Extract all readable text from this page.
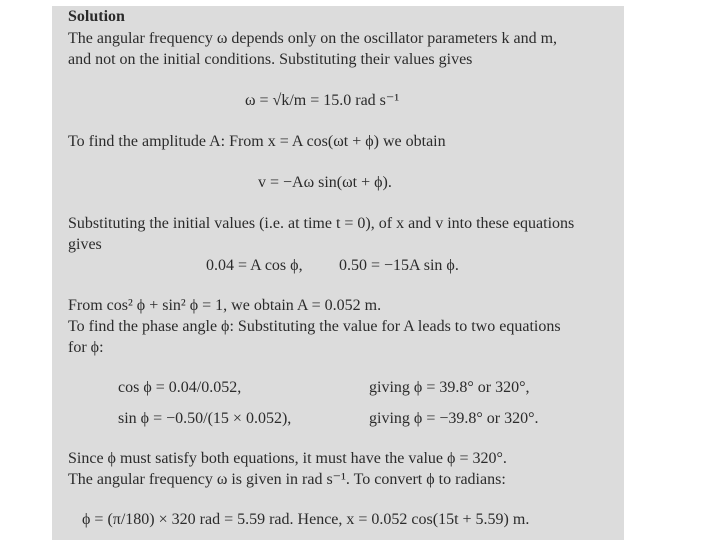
Solution
The angular frequency ω depends only on the oscillator parameters k and m,
and not on the initial conditions. Substituting their values gives
ω = √k/m = 15.0 rad s⁻¹
To find the amplitude A: From x = A cos(ωt + ϕ) we obtain
v = −Aω sin(ωt + ϕ).
Substituting the initial values (i.e. at time t = 0), of x and v into these equations
gives
0.04 = A cos ϕ, 0.50 = −15A sin ϕ.
From cos² ϕ + sin² ϕ = 1, we obtain A = 0.052 m.
To find the phase angle ϕ: Substituting the value for A leads to two equations
for ϕ:
cos ϕ = 0.04/0.052,	giving ϕ = 39.8° or 320°,
sin ϕ = −0.50/(15 × 0.052),	giving ϕ = −39.8° or 320°.
Since ϕ must satisfy both equations, it must have the value ϕ = 320°.
The angular frequency ω is given in rad s⁻¹. To convert ϕ to radians:
ϕ = (π/180) × 320 rad = 5.59 rad. Hence, x = 0.052 cos(15t + 5.59) m.
